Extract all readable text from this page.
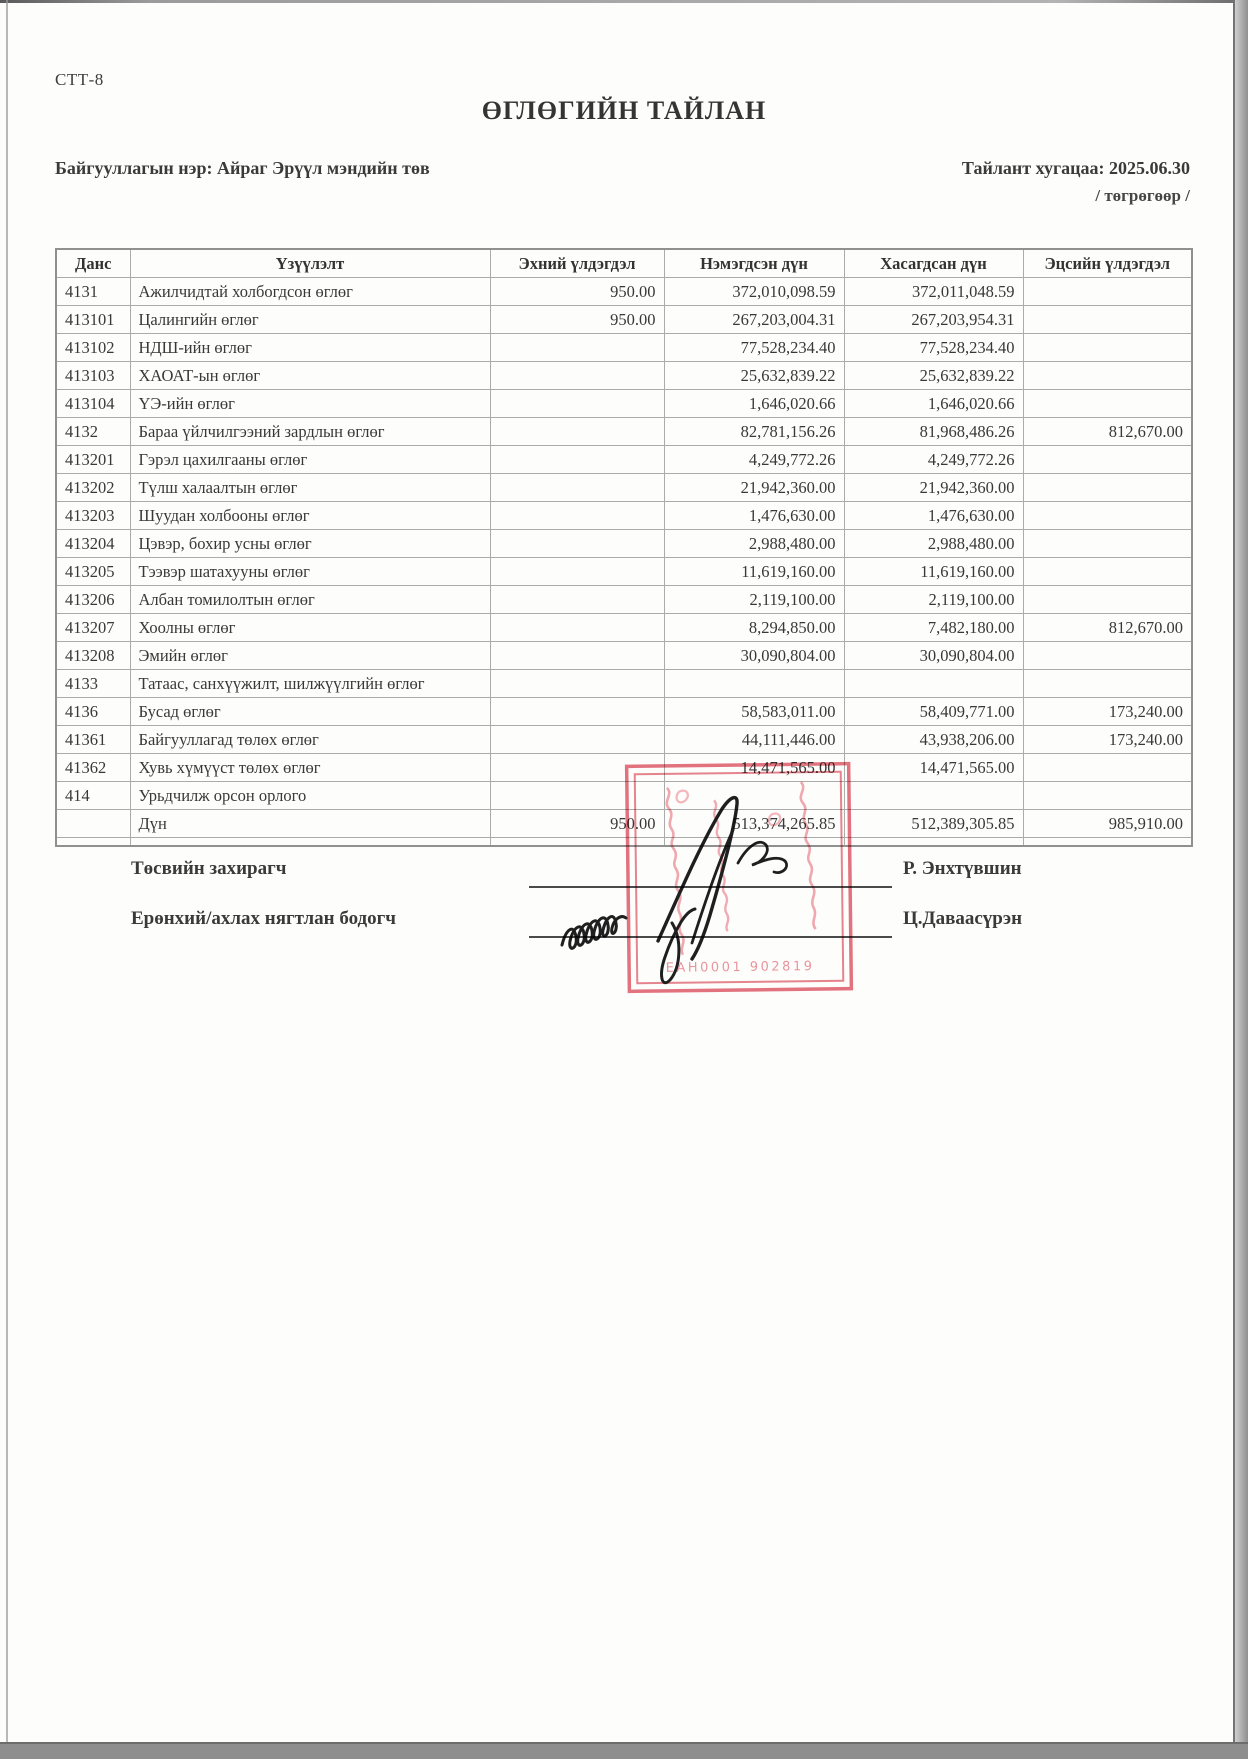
СТТ-8
ӨГЛӨГИЙН ТАЙЛАН
Байгууллагын нэр: Айраг Эрүүл мэндийн төв	Тайлант хугацаа: 2025.06.30
/ төгрөгөөр /
Данс	Үзүүлэлт	Эхний үлдэгдэл	Нэмэгдсэн дүн	Хасагдсан дүн	Эцсийн үлдэгдэл
4131	Ажилчидтай холбогдсон өглөг	950.00	372,010,098.59	372,011,048.59	
413101	Цалингийн өглөг	950.00	267,203,004.31	267,203,954.31	
413102	НДШ-ийн өглөг		77,528,234.40	77,528,234.40	
413103	ХАОАТ-ын өглөг		25,632,839.22	25,632,839.22	
413104	ҮЭ-ийн өглөг		1,646,020.66	1,646,020.66	
4132	Бараа үйлчилгээний зардлын өглөг		82,781,156.26	81,968,486.26	812,670.00
413201	Гэрэл цахилгааны өглөг		4,249,772.26	4,249,772.26	
413202	Түлш халаалтын өглөг		21,942,360.00	21,942,360.00	
413203	Шуудан холбооны өглөг		1,476,630.00	1,476,630.00	
413204	Цэвэр, бохир усны өглөг		2,988,480.00	2,988,480.00	
413205	Тээвэр шатахууны өглөг		11,619,160.00	11,619,160.00	
413206	Албан томилолтын өглөг		2,119,100.00	2,119,100.00	
413207	Хоолны өглөг		8,294,850.00	7,482,180.00	812,670.00
413208	Эмийн өглөг		30,090,804.00	30,090,804.00	
4133	Татаас, санхүүжилт, шилжүүлгийн өглөг				
4136	Бусад өглөг		58,583,011.00	58,409,771.00	173,240.00
41361	Байгууллагад төлөх өглөг		44,111,446.00	43,938,206.00	173,240.00
41362	Хувь хүмүүст төлөх өглөг		14,471,565.00	14,471,565.00	
414	Урьдчилж орсон орлого				
	Дүн	950.00	513,374,265.85	512,389,305.85	985,910.00

Төсвийн захирагч	Р. Энхтүвшин
Ерөнхий/ахлах нягтлан бодогч	Ц.Даваасүрэн
ЕАН0001 902819
